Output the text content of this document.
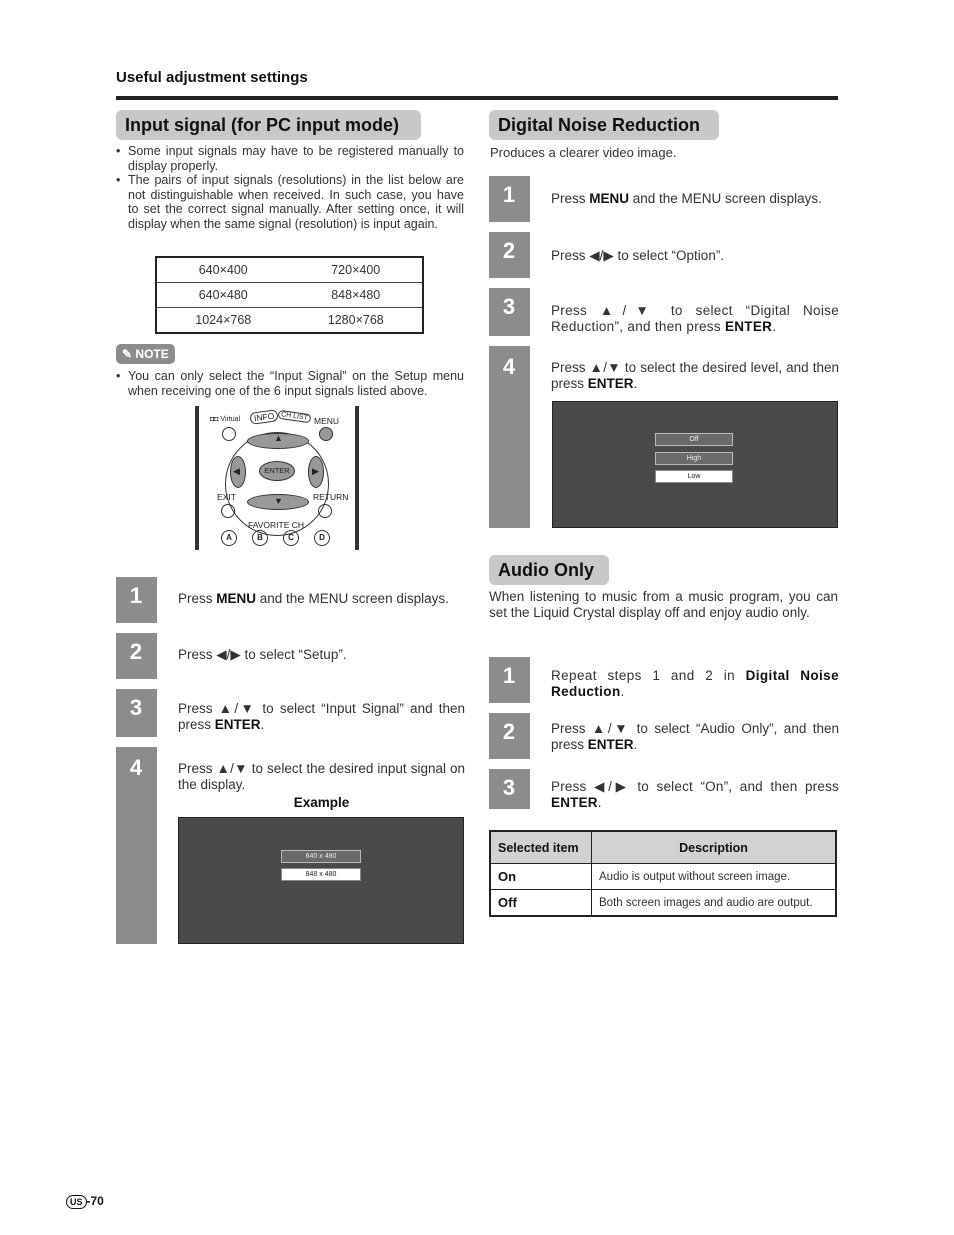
Useful adjustment settings
Input signal (for PC input mode)
• Some input signals may have to be registered manually to display properly.
• The pairs of input signals (resolutions) in the list below are not distinguishable when received. In such case, you have to set the correct signal manually. After setting once, it will display when the same signal (resolution) is input again.
640×400	720×400
640×480	848×480
1024×768	1280×768
✎ NOTE
• You can only select the “Input Signal” on the Setup menu when receiving one of the 6 input signals listed above.
◘◘ Virtual	INFO CH LIST MENU
▲
▼
◀	▶
ENTER
EXIT	RETURN
FAVORITE CH
A	B	C	D
1	Press MENU and the MENU screen displays.
2	Press ◀/▶ to select “Setup”.
3	Press ▲/▼ to select “Input Signal” and then press ENTER.
4	Press ▲/▼ to select the desired input signal on the display.
Example
640 x 480
848 x 480
Digital Noise Reduction
Produces a clearer video image.
1	Press MENU and the MENU screen displays.
2	Press ◀/▶ to select “Option”.
3	Press ▲/▼ to select “Digital Noise Reduction”, and then press ENTER.
4	Press ▲/▼ to select the desired level, and then press ENTER.
Off
High
Low
Audio Only
When listening to music from a music program, you can set the Liquid Crystal display off and enjoy audio only.
1	Repeat steps 1 and 2 in Digital Noise Reduction.
2	Press ▲/▼ to select “Audio Only”, and then press ENTER.
3	Press ◀/▶ to select “On”, and then press ENTER.
Selected item	Description
On	Audio is output without screen image.
Off	Both screen images and audio are output.
US -70
